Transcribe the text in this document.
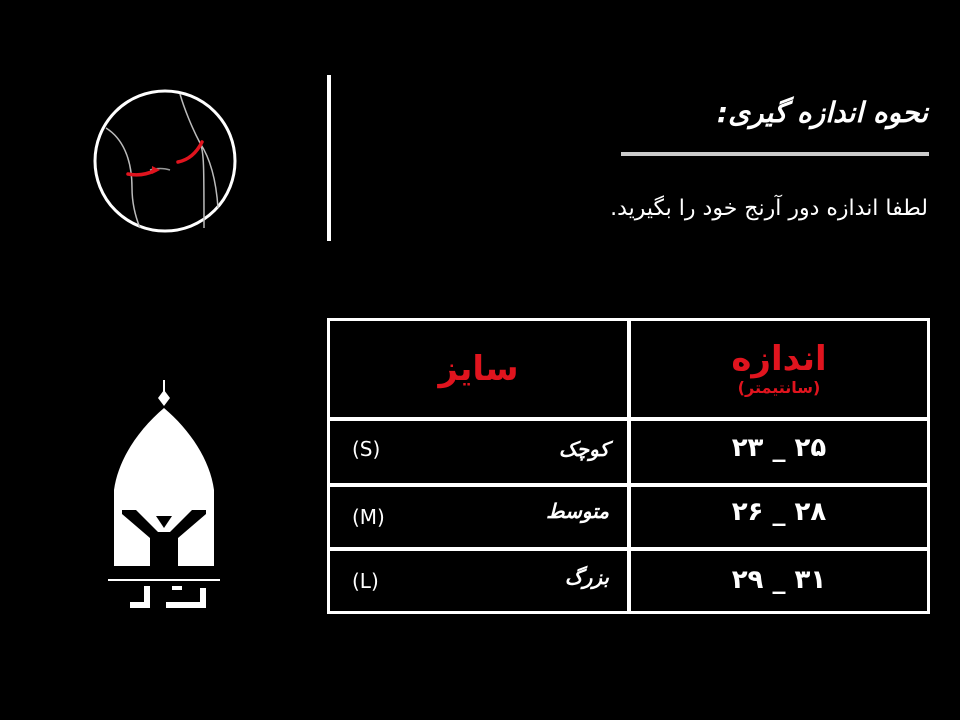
نحوه اندازه گیری:
لطفا اندازه دور آرنج خود را بگیرید.
سایز	اندازه
(سانتیمتر)
(S)	کوچک	۲۵ _ ۲۳
(M)	متوسط	۲۸ _ ۲۶
(L)	بزرگ	۳۱ _ ۲۹
یَل
